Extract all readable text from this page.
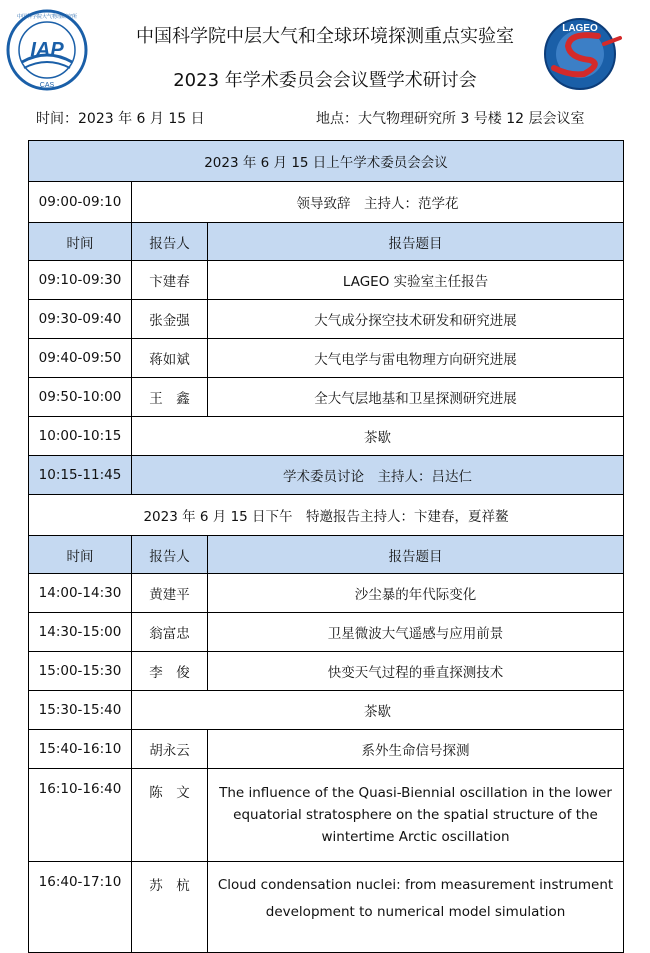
IAP
CAS
中国科学院大气物理研究所
LAGEO
中国科学院中层大气和全球环境探测重点实验室
2023 年学术委员会会议暨学术研讨会
时间：2023 年 6 月 15 日	地点：大气物理研究所 3 号楼 12 层会议室
2023 年 6 月 15 日上午学术委员会会议		
09:00-09:10	领导致辞　主持人：范学花	
时间	报告人	报告题目
09:10-09:30	卞建春	LAGEO 实验室主任报告
09:30-09:40	张金强	大气成分探空技术研发和研究进展
09:40-09:50	蒋如斌	大气电学与雷电物理方向研究进展
09:50-10:00	王　鑫	全大气层地基和卫星探测研究进展
10:00-10:15	茶歇	
10:15-11:45	学术委员讨论　主持人：吕达仁	
2023 年 6 月 15 日下午　特邀报告主持人：卞建春，夏祥鳌		
时间	报告人	报告题目
14:00-14:30	黄建平	沙尘暴的年代际变化
14:30-15:00	翁富忠	卫星微波大气遥感与应用前景
15:00-15:30	李　俊	快变天气过程的垂直探测技术
15:30-15:40	茶歇	
15:40-16:10	胡永云	系外生命信号探测
16:10-16:40	陈　文	The influence of the Quasi-Biennial oscillation in the lower equatorial stratosphere on the spatial structure of the wintertime Arctic oscillation
16:40-17:10	苏　杭	Cloud condensation nuclei: from measurement instrument development to numerical model simulation
